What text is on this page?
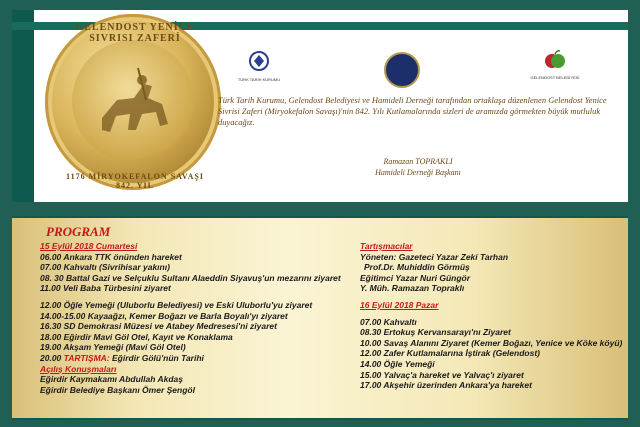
GELENDOST YENİCE SIVRISI ZAFERİ
1176 MİRYOKEFALON SAVAŞI 842. YIL
TÜRK TARİH KURUMU	GELENDOST BELEDİYESİ
Türk Tarih Kurumu, Gelendost Belediyesi ve Hamideli Derneği tarafından ortaklaşa düzenlenen Gelendost Yenice Sivrisi Zaferi (Miryokefalon Savaşı)'nin 842. Yılı Kutlamalarında sizleri de aramızda görmekten büyük mutluluk duyacağız.
Ramazan TOPRAKLI
Hamideli Derneği Başkanı
PROGRAM
15 Eylül 2018 Cumartesi
06.00 Ankara TTK önünden hareket
07.00 Kahvaltı (Sivrihisar yakını)
08. 30 Battal Gazi ve Selçuklu Sultanı Alaeddin Siyavuş'un mezarını ziyaret
11.00 Veli Baba Türbesini ziyaret
12.00 Öğle Yemeği (Uluborlu Belediyesi) ve Eski Uluborlu'yu ziyaret
14.00-15.00 Kayaağzı, Kemer Boğazı ve Barla Boyalı'yı ziyaret
16.30 SD Demokrasi Müzesi ve Atabey Medresesi'ni ziyaret
18.00 Eğirdir Mavi Göl Otel, Kayıt ve Konaklama
19.00 Akşam Yemeği (Mavi Göl Otel)
20.00 TARTIŞMA: Eğirdir Gölü'nün Tarihi
Açılış Konuşmaları
Eğirdir Kaymakamı Abdullah Akdaş
Eğirdir Belediye Başkanı Ömer Şengöl
Tartışmacılar
Yöneten: Gazeteci Yazar Zeki Tarhan
Prof.Dr. Muhiddin Görmüş
Eğitimci Yazar Nuri Güngör
Y. Müh. Ramazan Topraklı
16 Eylül 2018 Pazar
07.00 Kahvaltı
08.30 Ertokuş Kervansarayı'nı Ziyaret
10.00 Savaş Alanını Ziyaret (Kemer Boğazı, Yenice ve Köke köyü)
12.00 Zafer Kutlamalarına İştirak (Gelendost)
14.00 Öğle Yemeği
15.00 Yalvaç'a hareket ve Yalvaç'ı ziyaret
17.00 Akşehir üzerinden Ankara'ya hareket
